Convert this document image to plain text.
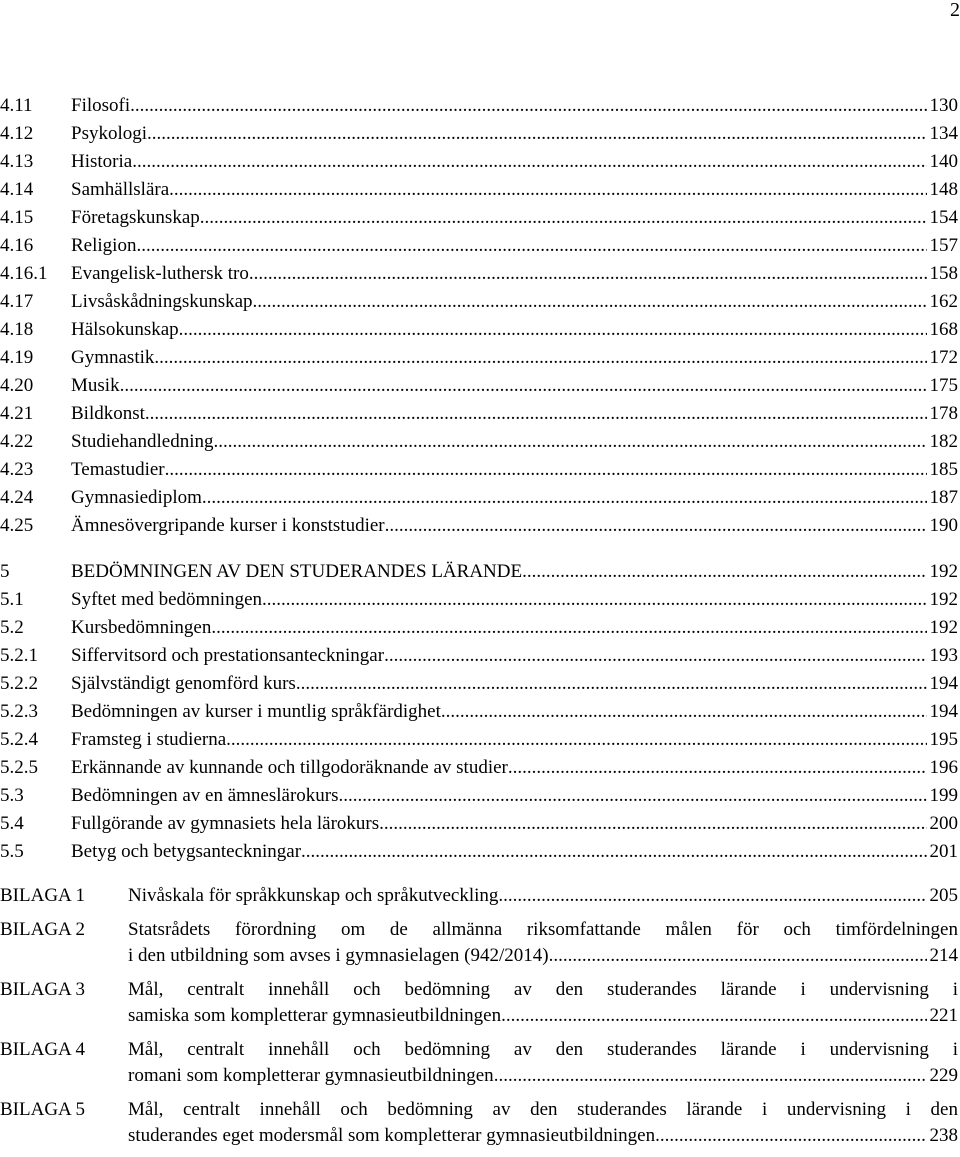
2
4.11	Filosofi .....	130
4.12	Psykologi .....	134
4.13	Historia .....	140
4.14	Samhällslära .....	148
4.15	Företagskunskap .....	154
4.16	Religion .....	157
4.16.1	Evangelisk-luthersk tro .....	158
4.17	Livsåskådningskunskap .....	162
4.18	Hälsokunskap .....	168
4.19	Gymnastik .....	172
4.20	Musik .....	175
4.21	Bildkonst .....	178
4.22	Studiehandledning .....	182
4.23	Temastudier .....	185
4.24	Gymnasiediplom .....	187
4.25	Ämnesövergripande kurser i konststudier .....	190
5	BEDÖMNINGEN AV DEN STUDERANDES LÄRANDE .....	192
5.1	Syftet med bedömningen .....	192
5.2	Kursbedömningen .....	192
5.2.1	Siffervitsord och prestationsanteckningar .....	193
5.2.2	Självständigt genomförd kurs .....	194
5.2.3	Bedömningen av kurser i muntlig språkfärdighet .....	194
5.2.4	Framsteg i studierna .....	195
5.2.5	Erkännande av kunnande och tillgodoräknande av studier .....	196
5.3	Bedömningen av en ämneslärokurs .....	199
5.4	Fullgörande av gymnasiets hela lärokurs .....	200
5.5	Betyg och betygsanteckningar .....	201
BILAGA 1	Nivåskala för språkkunskap och språkutveckling .....	205
BILAGA 2	Statsrådets förordning om de allmänna riksomfattande målen för och timfördelningen
i den utbildning som avses i gymnasielagen (942/2014) .....	214
BILAGA 3	Mål, centralt innehåll och bedömning av den studerandes lärande i undervisning i
samiska som kompletterar gymnasieutbildningen .....	221
BILAGA 4	Mål, centralt innehåll och bedömning av den studerandes lärande i undervisning i
romani som kompletterar gymnasieutbildningen .....	229
BILAGA 5	Mål, centralt innehåll och bedömning av den studerandes lärande i undervisning i den
studerandes eget modersmål som kompletterar gymnasieutbildningen .....	238
